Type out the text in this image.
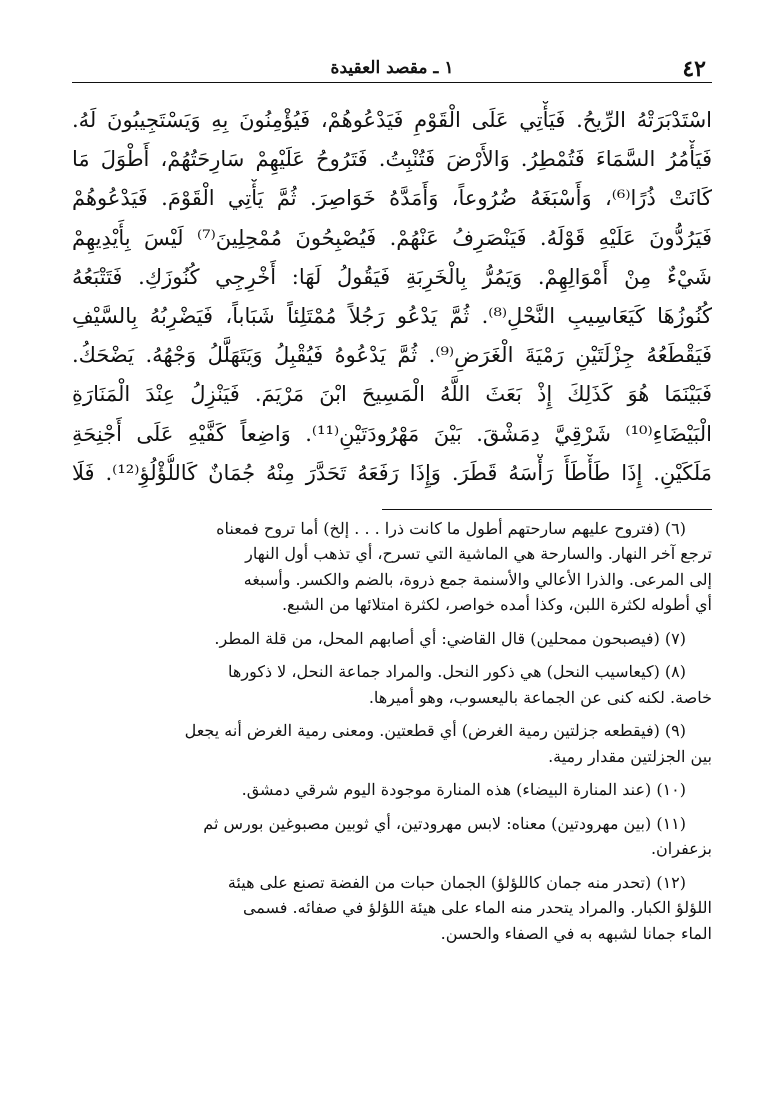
٤٢
١ ـ مقصد العقيدة
اسْتَدْبَرَتْهُ الرِّيحُ. فَيَأْتِي عَلَى الْقَوْمِ فَيَدْعُوهُمْ، فَيُؤْمِنُونَ بِهِ وَيَسْتَجِيبُونَ لَهُ.
فَيَأْمُرُ السَّمَاءَ فَتُمْطِرُ. وَالأَرْضَ فَتُنْبِتُ. فَتَرُوحُ عَلَيْهِمْ سَارِحَتُهُمْ، أَطْوَلَ مَا
كَانَتْ ذُرًا⁽⁶⁾، وَأَسْبَغَهُ ضُرُوعاً، وَأَمَدَّهُ خَوَاصِرَ. ثُمَّ يَأْتِي الْقَوْمَ. فَيَدْعُوهُمْ
فَيَرُدُّونَ عَلَيْهِ قَوْلَهُ. فَيَنْصَرِفُ عَنْهُمْ. فَيُصْبِحُونَ مُمْحِلِينَ⁽⁷⁾ لَيْسَ بِأَيْدِيهِمْ
شَيْءٌ مِنْ أَمْوَالِهِمْ. وَيَمُرُّ بِالْخَرِبَةِ فَيَقُولُ لَهَا: أَخْرِجِي كُنُوزَكِ. فَتَتْبَعُهُ
كُنُوزُهَا كَيَعَاسِيبِ النَّحْلِ⁽⁸⁾. ثُمَّ يَدْعُو رَجُلاً مُمْتَلِئاً شَبَاباً، فَيَضْرِبُهُ بِالسَّيْفِ
فَيَقْطَعُهُ جِزْلَتَيْنِ رَمْيَةَ الْغَرَضِ⁽⁹⁾. ثُمَّ يَدْعُوهُ فَيُقْبِلُ وَيَتَهَلَّلُ وَجْهُهُ. يَضْحَكُ.
فَبَيْنَمَا هُوَ كَذَلِكَ إِذْ بَعَثَ اللَّهُ الْمَسِيحَ ابْنَ مَرْيَمَ. فَيَنْزِلُ عِنْدَ الْمَنَارَةِ
الْبَيْضَاءِ⁽¹⁰⁾ شَرْقِيَّ دِمَشْقَ. بَيْنَ مَهْرُودَتَيْنِ⁽¹¹⁾. وَاضِعاً كَفَّيْهِ عَلَى أَجْنِحَةِ
مَلَكَيْنِ. إِذَا طَأْطَأَ رَأْسَهُ قَطَرَ. وَإِذَا رَفَعَهُ تَحَدَّرَ مِنْهُ جُمَانٌ كَاللُّؤْلُؤِ⁽¹²⁾. فَلَا
(٦) (فتروح عليهم سارحتهم أطول ما كانت ذرا . . . إلخ) أما تروح فمعناه
ترجع آخر النهار. والسارحة هي الماشية التي تسرح، أي تذهب أول النهار
إلى المرعى. والذرا الأعالي والأسنمة جمع ذروة، بالضم والكسر. وأسبغه
أي أطوله لكثرة اللبن، وكذا أمده خواصر، لكثرة امتلائها من الشبع.
(٧) (فيصبحون ممحلين) قال القاضي: أي أصابهم المحل، من قلة المطر.
(٨) (كيعاسيب النحل) هي ذكور النحل. والمراد جماعة النحل، لا ذكورها
خاصة. لكنه كنى عن الجماعة باليعسوب، وهو أميرها.
(٩) (فيقطعه جزلتين رمية الغرض) أي قطعتين. ومعنى رمية الغرض أنه يجعل
بين الجزلتين مقدار رمية.
(١٠) (عند المنارة البيضاء) هذه المنارة موجودة اليوم شرقي دمشق.
(١١) (بين مهرودتين) معناه: لابس مهرودتين، أي ثوبين مصبوغين بورس ثم
بزعفران.
(١٢) (تحدر منه جمان كاللؤلؤ) الجمان حبات من الفضة تصنع على هيئة
اللؤلؤ الكبار. والمراد يتحدر منه الماء على هيئة اللؤلؤ في صفائه. فسمى
الماء جمانا لشبهه به في الصفاء والحسن.
